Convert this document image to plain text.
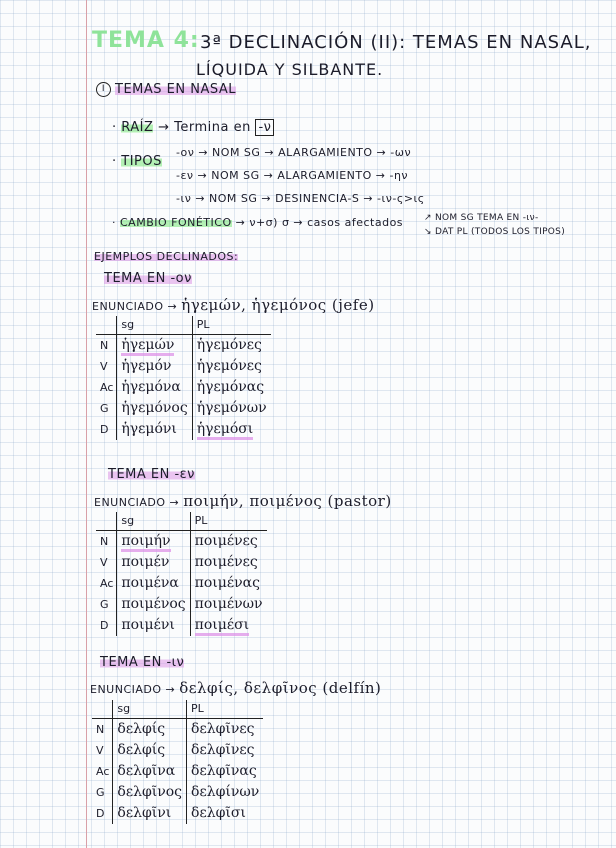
TEMA 4: 3ª DECLINACIÓN (II): TEMAS EN NASAL,
LÍQUIDA Y SILBANTE.
I TEMAS EN NASAL
· RAÍZ → Termina en -ν
· TIPOS
-ον → NOM SG → ALARGAMIENTO → -ων
-εν → NOM SG → ALARGAMIENTO → -ην
-ιν → NOM SG → DESINENCIA-S → -ιν-ς>ις
· CAMBIO FONÉTICO → ν+σ) σ → casos afectados ↗ NOM SG TEMA EN -ιν-
↘ DAT PL (TODOS LOS TIPOS)
EJEMPLOS DECLINADOS:
TEMA EN -ον
ENUNCIADO → ἡγεμών, ἡγεμόνος (jefe)
	sg	PL
N	ἡγεμών	ἡγεμόνες
V	ἡγεμόν	ἡγεμόνες
Ac	ἡγεμόνα	ἡγεμόνας
G	ἡγεμόνος	ἡγεμόνων
D	ἡγεμόνι	ἡγεμόσι
TEMA EN -εν
ENUNCIADO → ποιμήν, ποιμένος (pastor)
	sg	PL
N	ποιμήν	ποιμένες
V	ποιμέν	ποιμένες
Ac	ποιμένα	ποιμένας
G	ποιμένος	ποιμένων
D	ποιμένι	ποιμέσι
TEMA EN -ιν
ENUNCIADO → δελφίς, δελφῖνος (delfín)
	sg	PL
N	δελφίς	δελφῖνες
V	δελφίς	δελφῖνες
Ac	δελφῖνα	δελφῖνας
G	δελφῖνος	δελφίνων
D	δελφῖνι	δελφῖσι
